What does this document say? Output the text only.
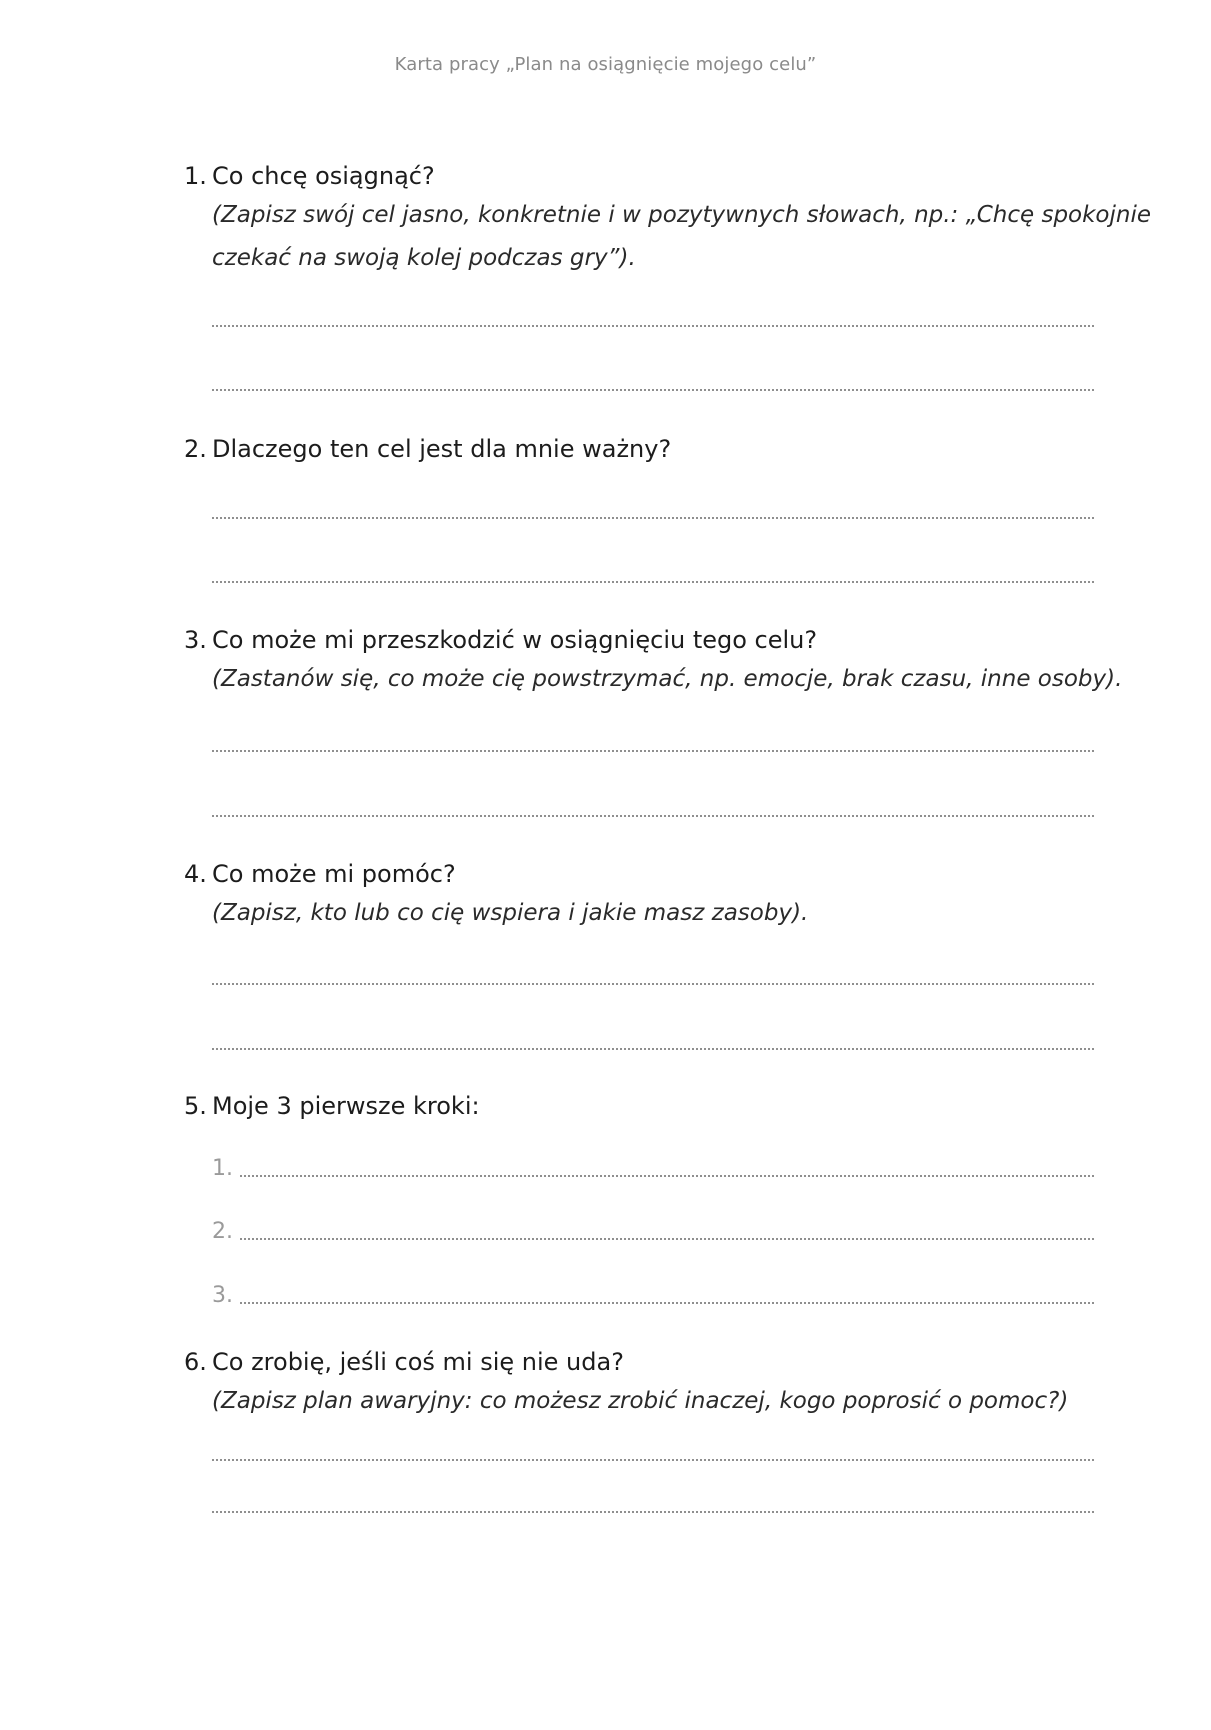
Karta pracy „Plan na osiągnięcie mojego celu”
1. Co chcę osiągnąć?
(Zapisz swój cel jasno, konkretnie i w pozytywnych słowach, np.: „Chcę spokojnie
czekać na swoją kolej podczas gry”).
2. Dlaczego ten cel jest dla mnie ważny?
3. Co może mi przeszkodzić w osiągnięciu tego celu?
(Zastanów się, co może cię powstrzymać, np. emocje, brak czasu, inne osoby).
4. Co może mi pomóc?
(Zapisz, kto lub co cię wspiera i jakie masz zasoby).
5. Moje 3 pierwsze kroki:
1.
2.
3.
6. Co zrobię, jeśli coś mi się nie uda?
(Zapisz plan awaryjny: co możesz zrobić inaczej, kogo poprosić o pomoc?)
